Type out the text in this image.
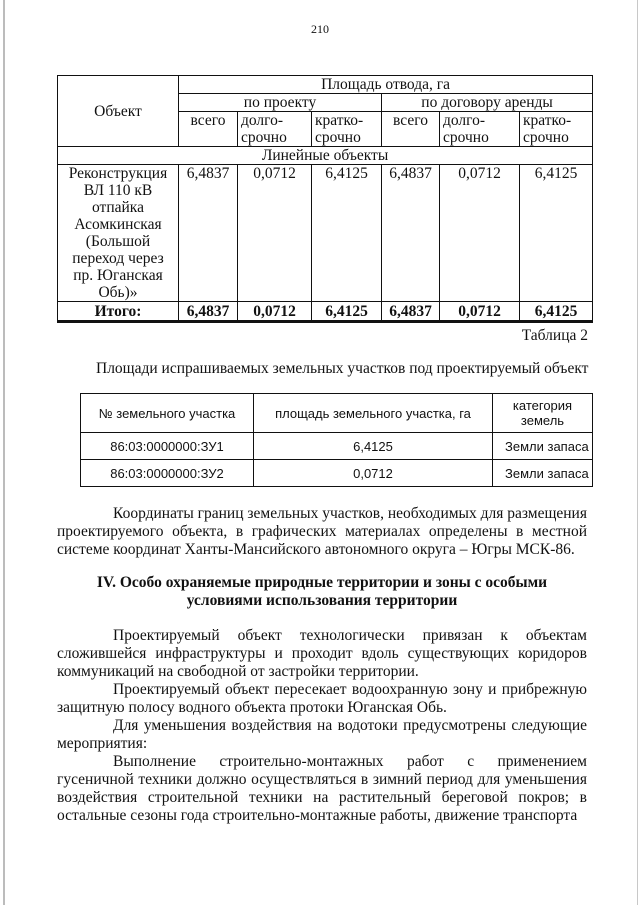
210
Объект	Площадь отвода, га					
	по проекту			по договору аренды		
	всего	долго-срочно	кратко-срочно	всего	долго-срочно	кратко-срочно
Линейные объекты						
Реконструкция ВЛ 110 кВ отпайка Асомкинская (Большой переход через пр. Юганская Обь)»	6,4837	0,0712	6,4125	6,4837	0,0712	6,4125
Итого:	6,4837	0,0712	6,4125	6,4837	0,0712	6,4125
Таблица 2
Площади испрашиваемых земельных участков под проектируемый объект
№ земельного участка	площадь земельного участка, га	категория земель
86:03:0000000:ЗУ1	6,4125	Земли запаса
86:03:0000000:ЗУ2	0,0712	Земли запаса
Координаты границ земельных участков, необходимых для размещения проектируемого объекта, в графических материалах определены в местной системе координат Ханты-Мансийского автономного округа – Югры МСК-86.
IV. Особо охраняемые природные территории и зоны с особыми
условиями использования территории
Проектируемый объект технологически привязан к объектам сложившейся инфраструктуры и проходит вдоль существующих коридоров коммуникаций на свободной от застройки территории.
Проектируемый объект пересекает водоохранную зону и прибрежную защитную полосу водного объекта протоки Юганская Обь.
Для уменьшения воздействия на водотоки предусмотрены следующие мероприятия:
Выполнение строительно-монтажных работ с применением гусеничной техники должно осуществляться в зимний период для уменьшения воздействия строительной техники на растительный береговой покров; в остальные сезоны года строительно-монтажные работы, движение транспорта
